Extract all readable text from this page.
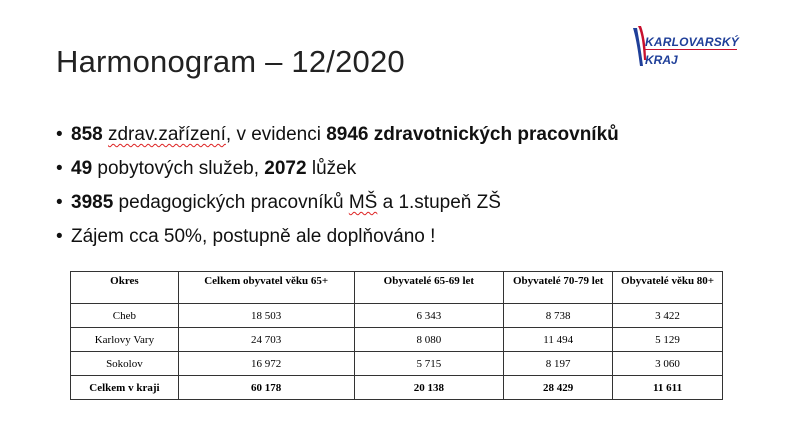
Harmonogram – 12/2020
KARLOVARSKÝ
KRAJ
• 858 zdrav.zařízení, v evidenci 8946 zdravotnických pracovníků
• 49 pobytových služeb, 2072 lůžek
• 3985 pedagogických pracovníků MŠ a 1.stupeň ZŠ
• Zájem cca 50%, postupně ale doplňováno !
Okres	Celkem obyvatel věku 65+	Obyvatelé 65-69 let	Obyvatelé 70-79 let	Obyvatelé věku 80+
Cheb	18 503	6 343	8 738	3 422
Karlovy Vary	24 703	8 080	11 494	5 129
Sokolov	16 972	5 715	8 197	3 060
Celkem v kraji	60 178	20 138	28 429	11 611
